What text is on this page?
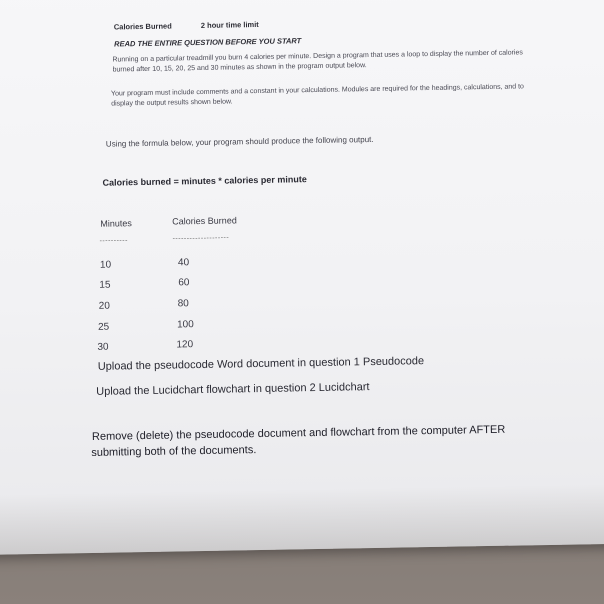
Calories Burned	2 hour time limit
READ THE ENTIRE QUESTION BEFORE YOU START
Running on a particular treadmill you burn 4 calories per minute. Design a program that uses a loop to display the number of calories burned after 10, 15, 20, 25 and 30 minutes as shown in the program output below.
Your program must include comments and a constant in your calculations. Modules are required for the headings, calculations, and to display the output results shown below.
Using the formula below, your program should produce the following output.
Calories burned = minutes * calories per minute
Minutes	Calories Burned
----------	--------------------
10	40
15	60
20	80
25	100
30	120
Upload the pseudocode Word document in question 1 Pseudocode
Upload the Lucidchart flowchart in question 2 Lucidchart
Remove (delete) the pseudocode document and flowchart from the computer AFTER
submitting both of the documents.
